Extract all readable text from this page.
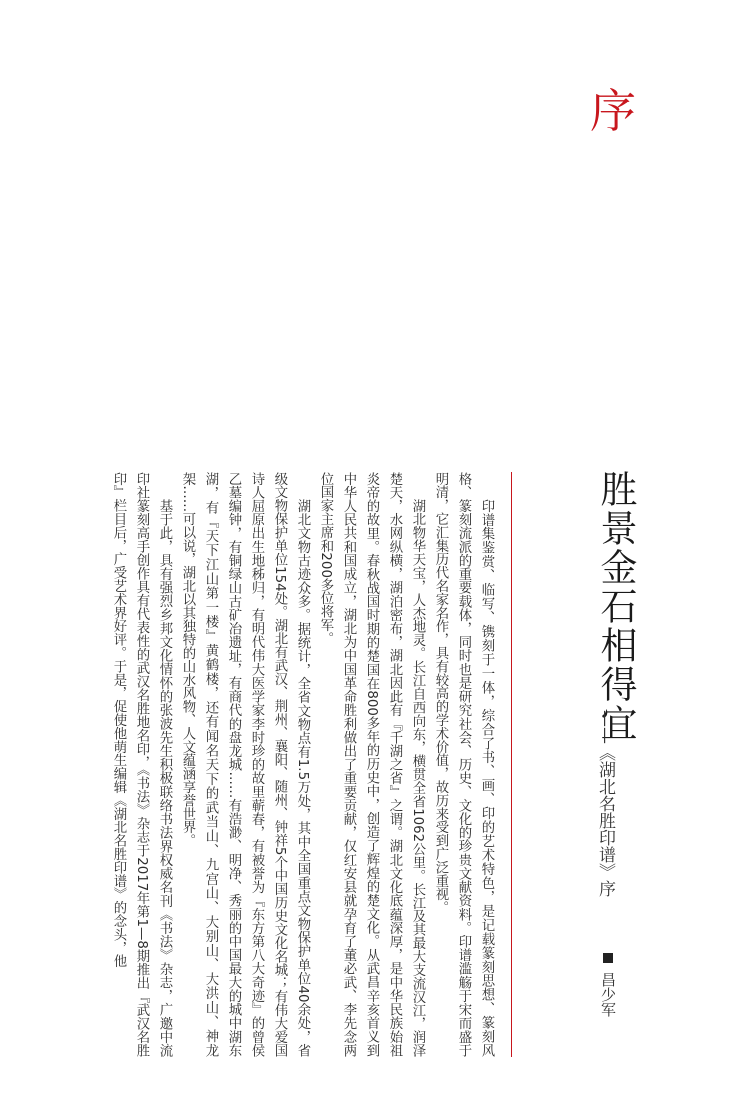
序
胜景金石相得宜
——《湖北名胜印谱》序
昌少军

印谱集鉴赏、临写、镌刻于一体，综合了书、画、印的艺术特色，是记载篆刻思想、篆刻风格、篆刻流派的重要载体，同时也是研究社会、历史、文化的珍贵文献资料。印谱滥觞于宋而盛于明清，它汇集历代名家名作，具有较高的学术价值，故历来受到广泛重视。

湖北物华天宝，人杰地灵。长江自西向东，横贯全省1062公里。长江及其最大支流汉江，润泽楚天，水网纵横，湖泊密布，湖北因此有『千湖之省』之谓。湖北文化底蕴深厚，是中华民族始祖炎帝的故里。春秋战国时期的楚国在800多年的历史中，创造了辉煌的楚文化。从武昌辛亥首义到中华人民共和国成立，湖北为中国革命胜利做出了重要贡献，仅红安县就孕育了董必武、李先念两位国家主席和200多位将军。

湖北文物古迹众多。据统计，全省文物点有1.5万处，其中全国重点文物保护单位40余处，省级文物保护单位154处。湖北有武汉、荆州、襄阳、随州、钟祥5个中国历史文化名城；有伟大爱国诗人屈原出生地秭归，有明代伟大医学家李时珍的故里蕲春，有被誉为『东方第八大奇迹』的曾侯乙墓编钟，有铜绿山古矿冶遗址，有商代的盘龙城……有浩渺、明净、秀丽的中国最大的城中湖东湖，有『天下江山第一楼』黄鹤楼，还有闻名天下的武当山、九宫山、大别山、大洪山、神龙架……可以说，湖北以其独特的山水风物、人文蕴涵享誉世界。

基于此，具有强烈乡邦文化情怀的张波先生积极联络书法界权威名刊《书法》杂志，广邀中流印社篆刻高手创作具有代表性的武汉名胜地名印，《书法》杂志于2017年第1—8期推出『武汉名胜印』栏目后，广受艺术界好评。于是，促使他萌生编辑《湖北名胜印谱》的念头，他
